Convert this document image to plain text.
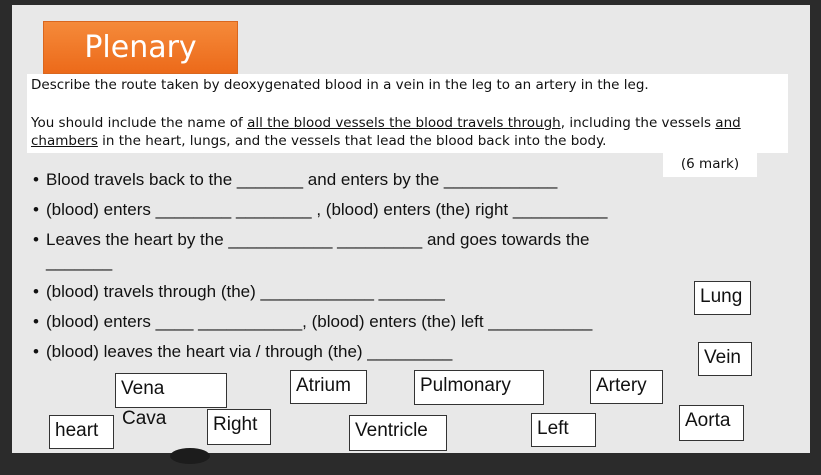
Plenary

Describe the route taken by deoxygenated blood in a vein in the leg to an artery in the leg.

You should include the name of all the blood vessels the blood travels through, including the vessels and

chambers in the heart, lungs, and the vessels that lead the blood back into the body.

(6 mark)
• Blood travels back to the _______ and enters by the ____________
• (blood) enters ________ ________ , (blood) enters (the) right __________
• Leaves the heart by the ___________ _________ and goes towards the
_______
• (blood) travels through (the) ____________ _______
• (blood) enters ____ ___________, (blood) enters (the) left ___________
• (blood) leaves the heart via / through (the) _________
Lung
Vein
Vena
Cava
Atrium	Pulmonary	Artery
heart	Right	Ventricle	Left	Aorta
